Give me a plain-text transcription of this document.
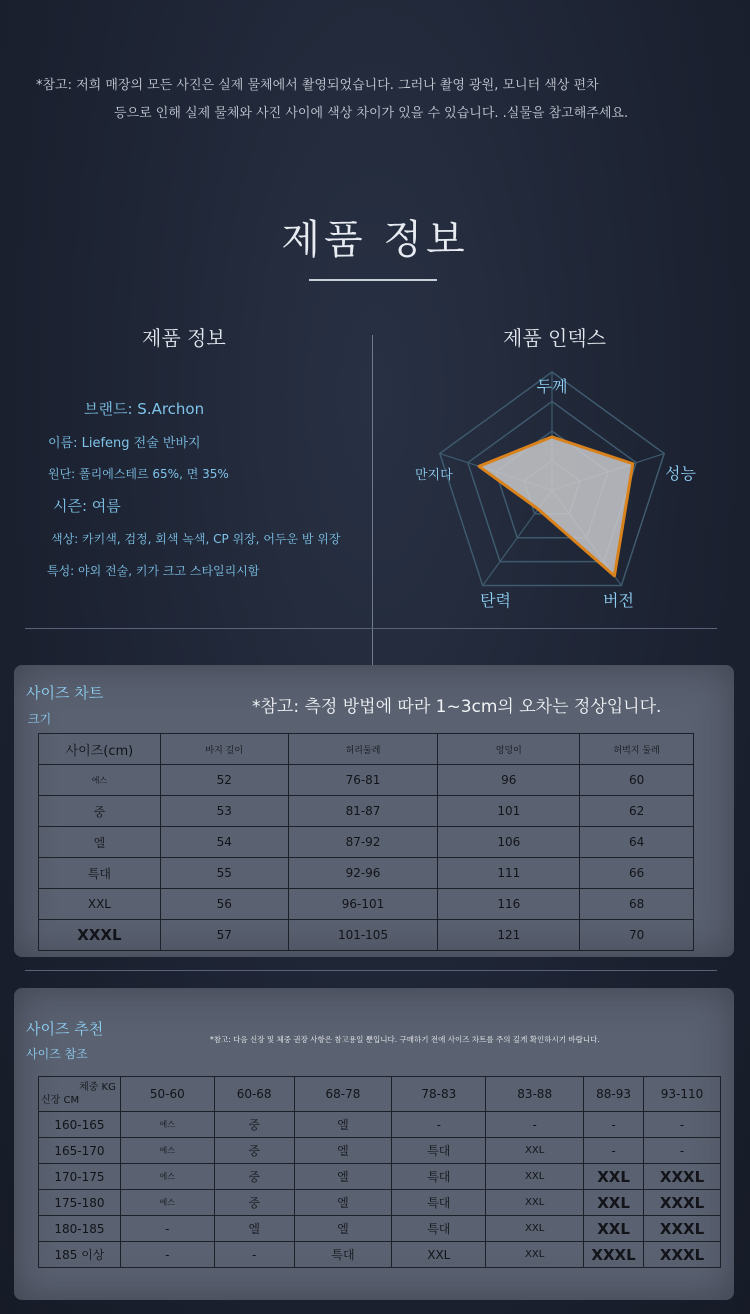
*참고: 저희 매장의 모든 사진은 실제 물체에서 촬영되었습니다. 그러나 촬영 광원, 모니터 색상 편차
등으로 인해 실제 물체와 사진 사이에 색상 차이가 있을 수 있습니다. .실물을 참고해주세요.
제품 정보
제품 정보	제품 인덱스
브랜드: S.Archon
이름: Liefeng 전술 반바지
원단: 폴리에스테르 65%, 면 35%
시즌: 여름
색상: 카키색, 검정, 회색 녹색, CP 위장, 어두운 밤 위장
특성: 야외 전술, 키가 크고 스타일리시함
두께
성능
버전
탄력
만지다
사이즈 차트
크기
*참고: 측정 방법에 따라 1~3cm의 오차는 정상입니다.
사이즈(cm)	바지 길이	허리둘레	엉덩이	허벅지 둘레
에스	52	76-81	96	60
중	53	81-87	101	62
엘	54	87-92	106	64
특대	55	92-96	111	66
XXL	56	96-101	116	68
XXXL	57	101-105	121	70
사이즈 추천
사이즈 참조
*참고: 다음 신장 및 체중 권장 사항은 참고용일 뿐입니다. 구매하기 전에 사이즈 차트를 주의 깊게 확인하시기 바랍니다.
체중 KG
신장 CM	50-60	60-68	68-78	78-83	83-88	88-93	93-110
160-165	에스	중	엘	-	-	-	-
165-170	에스	중	엘	특대	XXL	-	-
170-175	에스	중	엘	특대	XXL	XXL	XXXL
175-180	에스	중	엘	특대	XXL	XXL	XXXL
180-185	-	엘	엘	특대	XXL	XXL	XXXL
185 이상	-	-	특대	XXL	XXL	XXXL	XXXL
